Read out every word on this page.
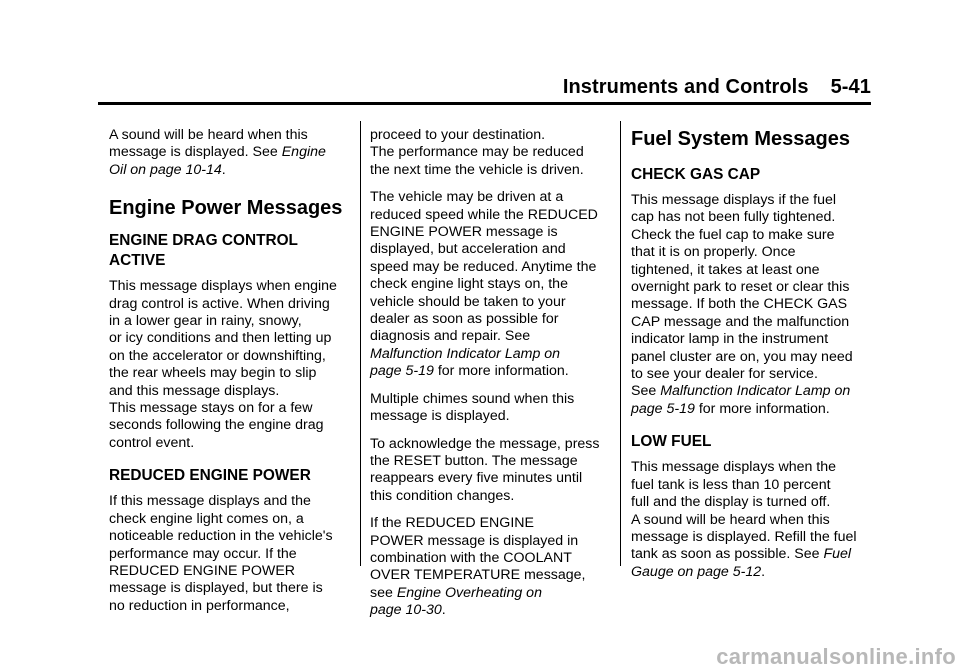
Instruments and Controls 5-41

A sound will be heard when this
message is displayed. See Engine
Oil on page 10-14.

Engine Power Messages
ENGINE DRAG CONTROL
ACTIVE

This message displays when engine
drag control is active. When driving
in a lower gear in rainy, snowy,
or icy conditions and then letting up
on the accelerator or downshifting,
the rear wheels may begin to slip
and this message displays.
This message stays on for a few
seconds following the engine drag
control event.

REDUCED ENGINE POWER

If this message displays and the
check engine light comes on, a
noticeable reduction in the vehicle's
performance may occur. If the
REDUCED ENGINE POWER
message is displayed, but there is
no reduction in performance,

proceed to your destination.
The performance may be reduced
the next time the vehicle is driven.

The vehicle may be driven at a
reduced speed while the REDUCED
ENGINE POWER message is
displayed, but acceleration and
speed may be reduced. Anytime the
check engine light stays on, the
vehicle should be taken to your
dealer as soon as possible for
diagnosis and repair. See
Malfunction Indicator Lamp on
page 5-19 for more information.

Multiple chimes sound when this
message is displayed.

To acknowledge the message, press
the RESET button. The message
reappears every five minutes until
this condition changes.

If the REDUCED ENGINE
POWER message is displayed in
combination with the COOLANT
OVER TEMPERATURE message,
see Engine Overheating on
page 10-30.

Fuel System Messages
CHECK GAS CAP

This message displays if the fuel
cap has not been fully tightened.
Check the fuel cap to make sure
that it is on properly. Once
tightened, it takes at least one
overnight park to reset or clear this
message. If both the CHECK GAS
CAP message and the malfunction
indicator lamp in the instrument
panel cluster are on, you may need
to see your dealer for service.
See Malfunction Indicator Lamp on
page 5-19 for more information.

LOW FUEL

This message displays when the
fuel tank is less than 10 percent
full and the display is turned off.
A sound will be heard when this
message is displayed. Refill the fuel
tank as soon as possible. See Fuel
Gauge on page 5-12.

carmanualsonline.info
